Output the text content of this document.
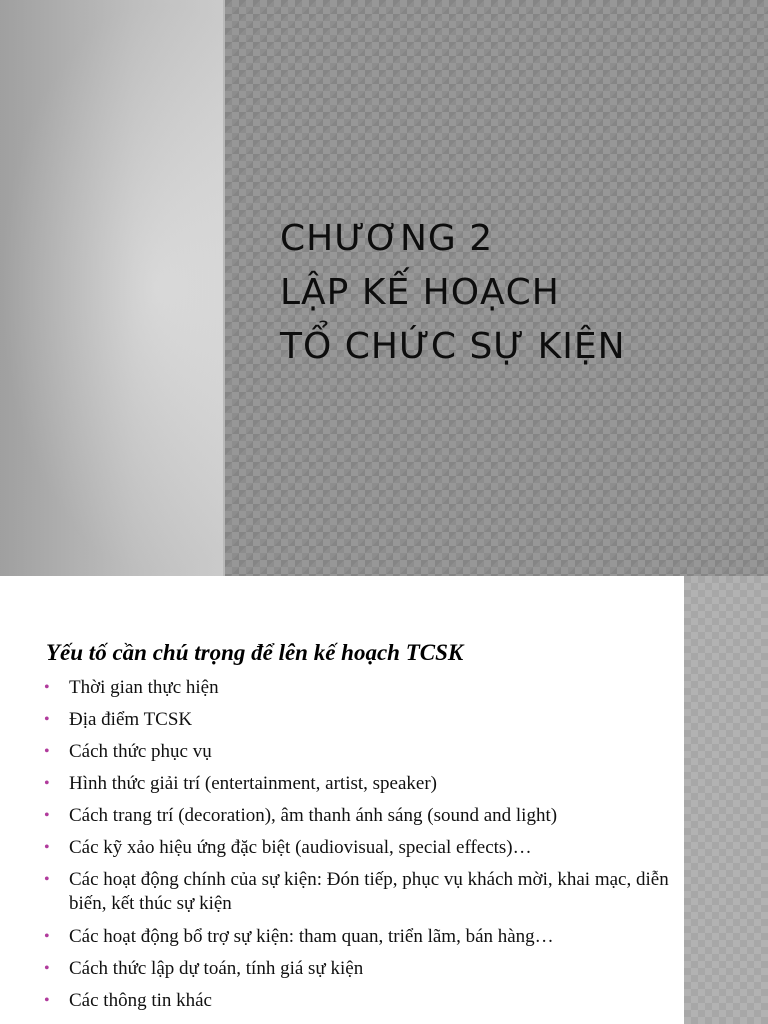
CHƯƠNG 2
LẬP KẾ HOẠCH
TỔ CHỨC SỰ KIỆN
Yếu tố cần chú trọng để lên kế hoạch TCSK
• Thời gian thực hiện
• Địa điểm TCSK
• Cách thức phục vụ
• Hình thức giải trí (entertainment, artist, speaker)
• Cách trang trí (decoration), âm thanh ánh sáng (sound and light)
• Các kỹ xảo hiệu ứng đặc biệt (audiovisual, special effects)…
• Các hoạt động chính của sự kiện: Đón tiếp, phục vụ khách mời, khai mạc, diễn biến, kết thúc sự kiện
• Các hoạt động bổ trợ sự kiện: tham quan, triển lãm, bán hàng…
• Cách thức lập dự toán, tính giá sự kiện
• Các thông tin khác
